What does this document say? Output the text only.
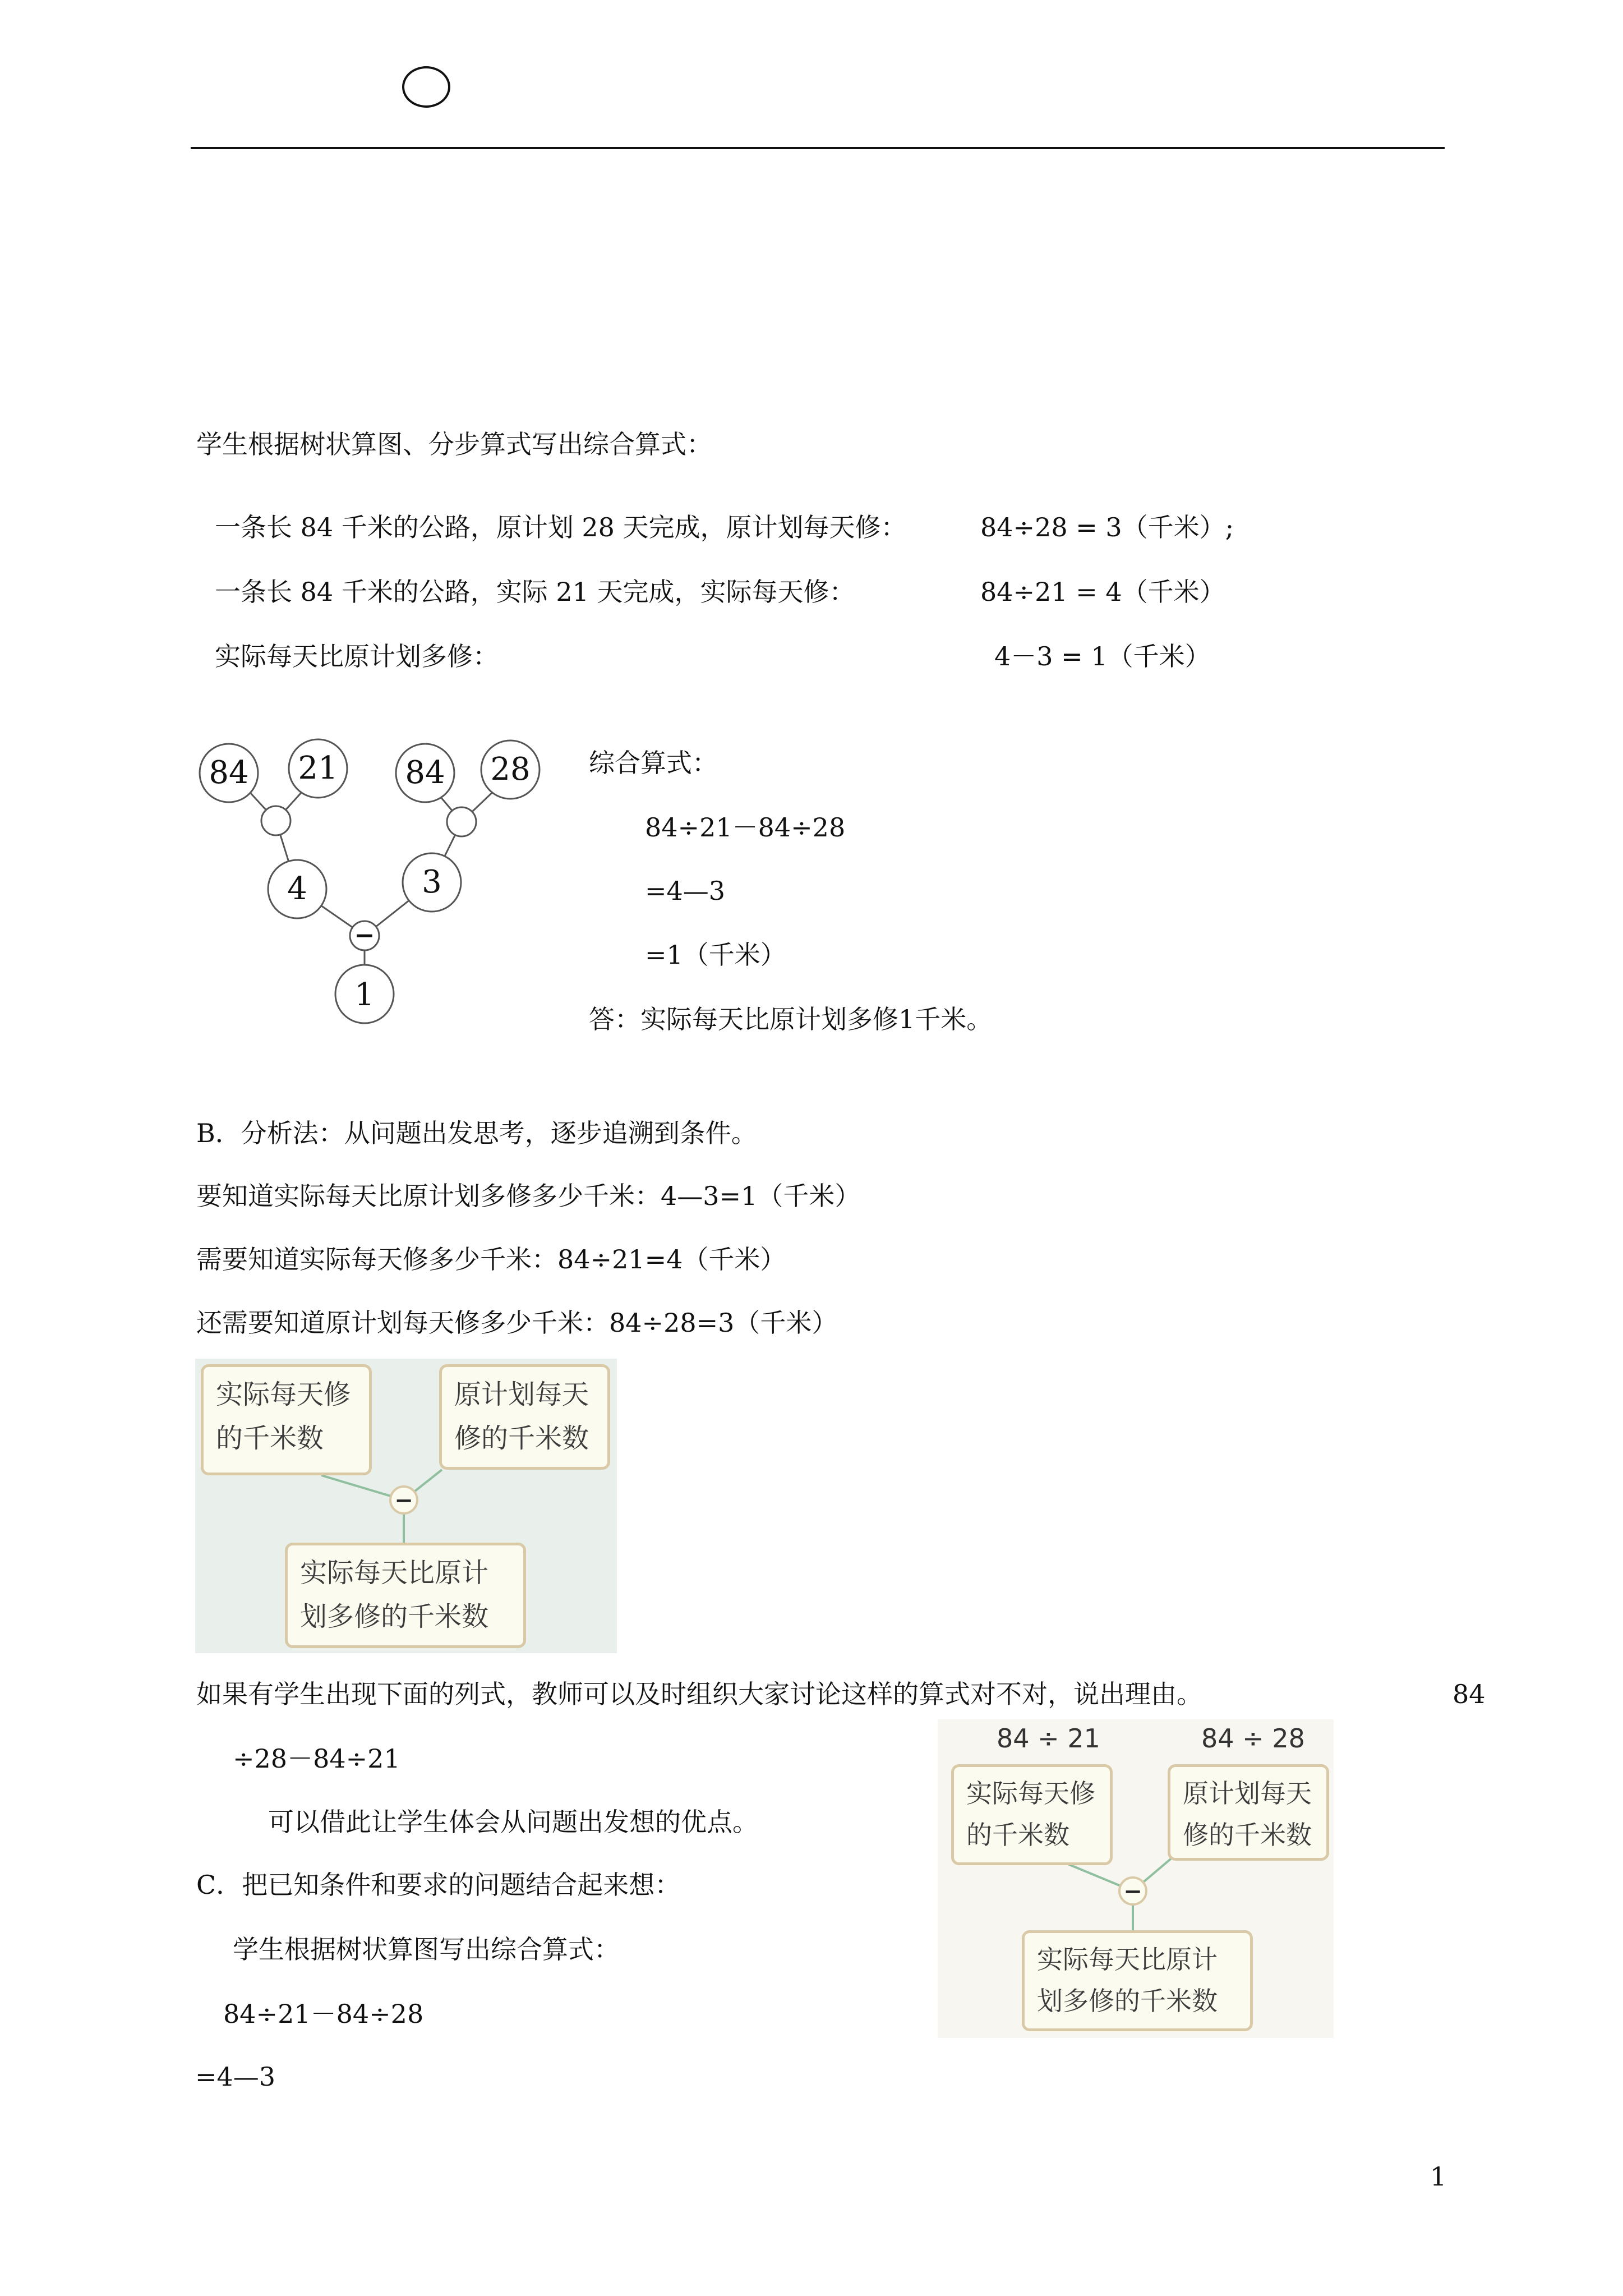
学生根据树状算图、分步算式写出综合算式：
一条长 84 千米的公路，原计划 28 天完成，原计划每天修：	84÷28 = 3（千米）;
一条长 84 千米的公路，实际 21 天完成，实际每天修：	84÷21 = 4（千米）
实际每天比原计划多修：	4－3 = 1（千米）
84 21 84 28
4	3
−
1
综合算式：
84÷21－84÷28
=4—3
=1（千米）
答：实际每天比原计划多修1千米。
B．分析法：从问题出发思考，逐步追溯到条件。
要知道实际每天比原计划多修多少千米：4—3=1（千米）
需要知道实际每天修多少千米：84÷21=4（千米）
还需要知道原计划每天修多少千米：84÷28=3（千米）
−
实际每天修的千米数
原计划每天修的千米数
实际每天比原计划多修的千米数
如果有学生出现下面的列式，教师可以及时组织大家讨论这样的算式对不对，说出理由。	84
÷28－84÷21
可以借此让学生体会从问题出发想的优点。
−
84 ÷ 21	84 ÷ 28
实际每天修的千米数
原计划每天修的千米数
实际每天比原计划多修的千米数
C．把已知条件和要求的问题结合起来想：
学生根据树状算图写出综合算式：
84÷21－84÷28
=4—3
1
